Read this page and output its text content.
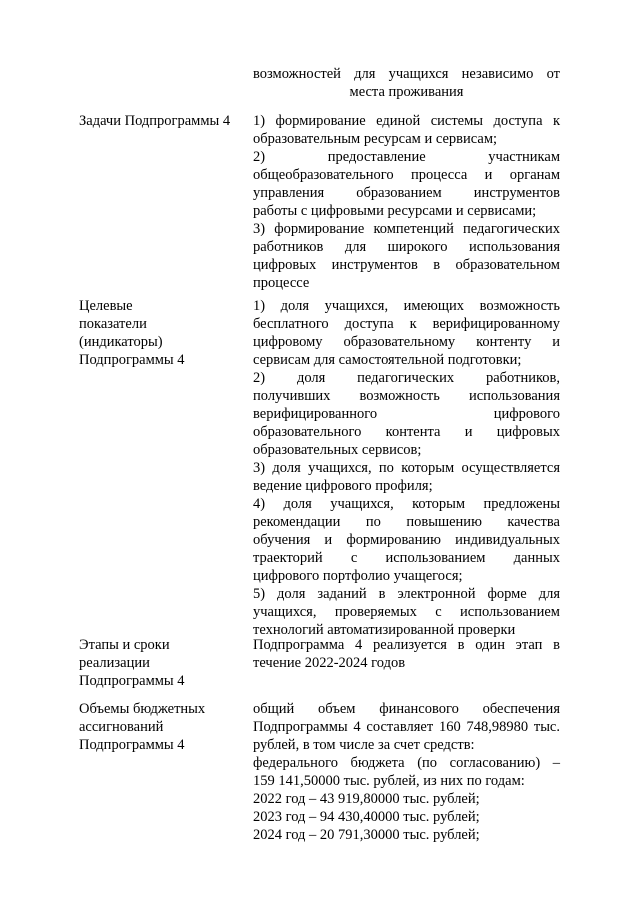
возможностей для учащихся независимо от
места проживания
Задачи Подпрограммы 4	1) формирование единой системы доступа к
образовательным ресурсам и сервисам;
2) предоставление участникам
общеобразовательного процесса и органам
управления образованием инструментов
работы с цифровыми ресурсами и сервисами;
3) формирование компетенций педагогических
работников для широкого использования
цифровых инструментов в образовательном
процессе
Целевые показатели (индикаторы) Подпрограммы 4
1) доля учащихся, имеющих возможность
бесплатного доступа к верифицированному
цифровому образовательному контенту и
сервисам для самостоятельной подготовки;
2) доля педагогических работников,
получивших возможность использования
верифицированного цифрового
образовательного контента и цифровых
образовательных сервисов;
3) доля учащихся, по которым осуществляется
ведение цифрового профиля;
4) доля учащихся, которым предложены
рекомендации по повышению качества
обучения и формированию индивидуальных
траекторий с использованием данных
цифрового портфолио учащегося;
5) доля заданий в электронной форме для
учащихся, проверяемых с использованием
технологий автоматизированной проверки
Этапы и сроки реализации Подпрограммы 4
Подпрограмма 4 реализуется в один этап в
течение 2022-2024 годов
Объемы бюджетных ассигнований Подпрограммы 4
общий объем финансового обеспечения
Подпрограммы 4 составляет 160 748,98980 тыс.
рублей, в том числе за счет средств:
федерального бюджета (по согласованию) –
159 141,50000 тыс. рублей, из них по годам:
2022 год – 43 919,80000 тыс. рублей;
2023 год – 94 430,40000 тыс. рублей;
2024 год – 20 791,30000 тыс. рублей;
